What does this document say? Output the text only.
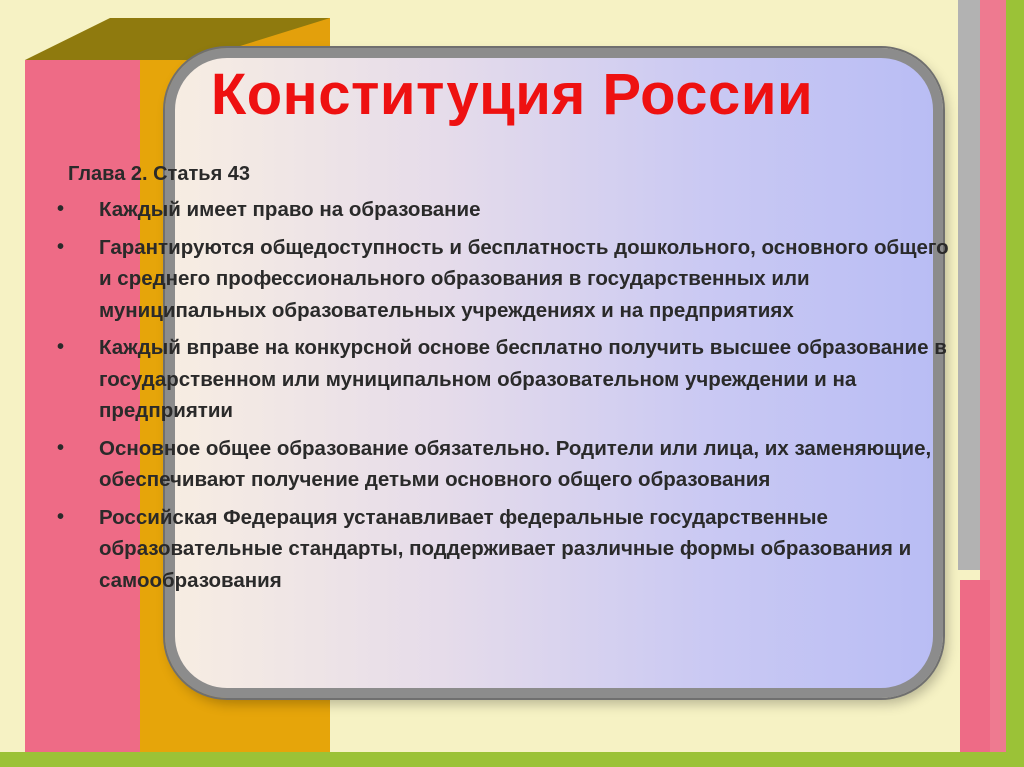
Конституция России
Глава 2. Статья 43
• Каждый имеет право на образование
• Гарантируются общедоступность и бесплатность дошкольного, основного общего и среднего профессионального образования в государственных или муниципальных образовательных учреждениях и на предприятиях
• Каждый вправе на конкурсной основе бесплатно получить высшее образование в государственном или муниципальном образовательном учреждении и на предприятии
• Основное общее образование обязательно. Родители или лица, их заменяющие, обеспечивают получение детьми основного общего образования
• Российская Федерация устанавливает федеральные государственные образовательные стандарты, поддерживает различные формы образования и самообразования
